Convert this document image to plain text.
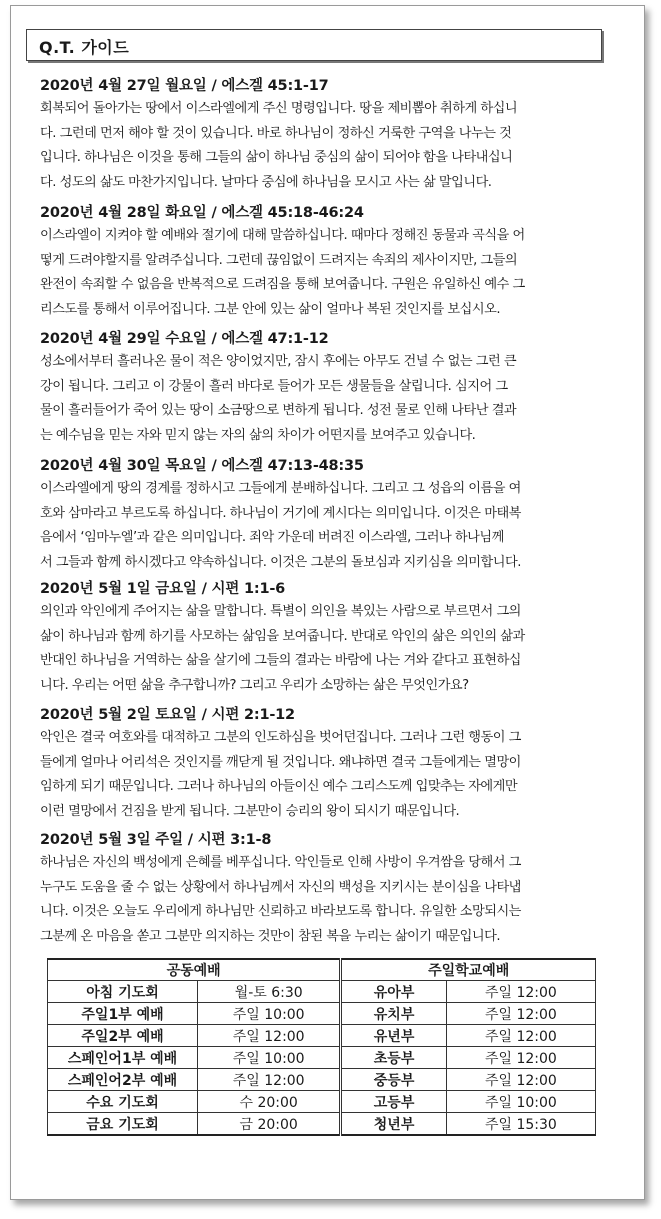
Q.T. 가이드
2020년 4월 27일 월요일 / 에스겔 45:1-17
회복되어 돌아가는 땅에서 이스라엘에게 주신 명령입니다. 땅을 제비뽑아 취하게 하십니
다. 그런데 먼저 해야 할 것이 있습니다. 바로 하나님이 정하신 거룩한 구역을 나누는 것
입니다. 하나님은 이것을 통해 그들의 삶이 하나님 중심의 삶이 되어야 함을 나타내십니
다. 성도의 삶도 마찬가지입니다. 날마다 중심에 하나님을 모시고 사는 삶 말입니다.
2020년 4월 28일 화요일 / 에스겔 45:18-46:24
이스라엘이 지켜야 할 예배와 절기에 대해 말씀하십니다. 때마다 정해진 동물과 곡식을 어
떻게 드려야할지를 알려주십니다. 그런데 끊임없이 드려지는 속죄의 제사이지만, 그들의
완전이 속죄할 수 없음을 반복적으로 드려짐을 통해 보여줍니다. 구원은 유일하신 예수 그
리스도를 통해서 이루어집니다. 그분 안에 있는 삶이 얼마나 복된 것인지를 보십시오.
2020년 4월 29일 수요일 / 에스겔 47:1-12
성소에서부터 흘러나온 물이 적은 양이었지만, 잠시 후에는 아무도 건널 수 없는 그런 큰
강이 됩니다. 그리고 이 강물이 흘러 바다로 들어가 모든 생물들을 살립니다. 심지어 그
물이 흘러들어가 죽어 있는 땅이 소금땅으로 변하게 됩니다. 성전 물로 인해 나타난 결과
는 예수님을 믿는 자와 믿지 않는 자의 삶의 차이가 어떤지를 보여주고 있습니다.
2020년 4월 30일 목요일 / 에스겔 47:13-48:35
이스라엘에게 땅의 경계를 정하시고 그들에게 분배하십니다. 그리고 그 성읍의 이름을 여
호와 삼마라고 부르도록 하십니다. 하나님이 거기에 계시다는 의미입니다. 이것은 마태복
음에서 ‘임마누엘’과 같은 의미입니다. 죄악 가운데 버려진 이스라엘, 그러나 하나님께
서 그들과 함께 하시겠다고 약속하십니다. 이것은 그분의 돌보심과 지키심을 의미합니다.
2020년 5월 1일 금요일 / 시편 1:1-6
의인과 악인에게 주어지는 삶을 말합니다. 특별이 의인을 복있는 사람으로 부르면서 그의
삶이 하나님과 함께 하기를 사모하는 삶임을 보여줍니다. 반대로 악인의 삶은 의인의 삶과
반대인 하나님을 거역하는 삶을 살기에 그들의 결과는 바람에 나는 겨와 같다고 표현하십
니다. 우리는 어떤 삶을 추구합니까? 그리고 우리가 소망하는 삶은 무엇인가요?
2020년 5월 2일 토요일 / 시편 2:1-12
악인은 결국 여호와를 대적하고 그분의 인도하심을 벗어던집니다. 그러나 그런 행동이 그
들에게 얼마나 어리석은 것인지를 깨닫게 될 것입니다. 왜냐하면 결국 그들에게는 멸망이
임하게 되기 때문입니다. 그러나 하나님의 아들이신 예수 그리스도께 입맞추는 자에게만
이런 멸망에서 건짐을 받게 됩니다. 그분만이 승리의 왕이 되시기 때문입니다.
2020년 5월 3일 주일 / 시편 3:1-8
하나님은 자신의 백성에게 은혜를 베푸십니다. 악인들로 인해 사방이 우겨쌈을 당해서 그
누구도 도움을 줄 수 없는 상황에서 하나님께서 자신의 백성을 지키시는 분이심을 나타냅
니다. 이것은 오늘도 우리에게 하나님만 신뢰하고 바라보도록 합니다. 유일한 소망되시는
그분께 온 마음을 쏟고 그분만 의지하는 것만이 참된 복을 누리는 삶이기 때문입니다.
공동예배		주일학교예배	
아침 기도회	월-토 6:30	유아부	주일 12:00
주일1부 예배	주일 10:00	유치부	주일 12:00
주일2부 예배	주일 12:00	유년부	주일 12:00
스페인어1부 예배	주일 10:00	초등부	주일 12:00
스페인어2부 예배	주일 12:00	중등부	주일 12:00
수요 기도회	수 20:00	고등부	주일 10:00
금요 기도회	금 20:00	청년부	주일 15:30
